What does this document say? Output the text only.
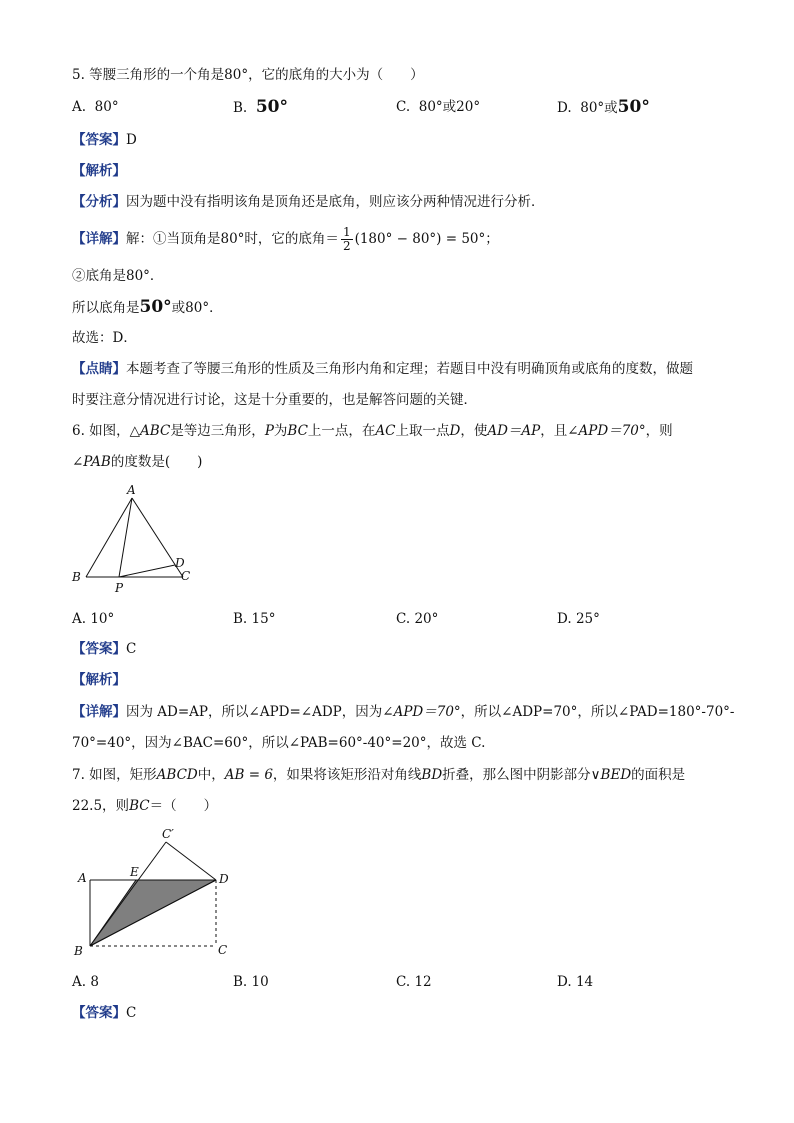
5. 等腰三角形的一个角是80°，它的底角的大小为（　　）
A. 80°	B. 50°	C. 80°或20°	D. 80°或50°
【答案】D
【解析】
【分析】因为题中没有指明该角是顶角还是底角，则应该分两种情况进行分析．
【详解】解：①当顶角是80°时，它的底角＝ $\frac{1}{2} (180^\circ - 80^\circ) = 50^\circ$；
②底角是80°．
所以底角是50°或80°．
故选：D．
【点睛】本题考查了等腰三角形的性质及三角形内角和定理；若题目中没有明确顶角或底角的度数，做题
时要注意分情况进行讨论，这是十分重要的，也是解答问题的关键．
6. 如图，△ABC是等边三角形，P为BC上一点，在AC上取一点D，使AD＝AP，且∠APD＝70°，则
∠PAB的度数是(　　)
A
B	C
D
P
A. 10°	B. 15°	C. 20°	D. 25°
【答案】C
【解析】
【详解】因为 AD=AP，所以∠APD=∠ADP，因为∠APD＝70°，所以∠ADP=70°，所以∠PAD=180°-70°-
70°=40°，因为∠BAC=60°，所以∠PAB=60°-40°=20°，故选 C.
7. 如图，矩形ABCD中，AB = 6，如果将该矩形沿对角线BD折叠，那么图中阴影部分∨BED的面积是
22.5，则BC＝（　　）
A
B	C
D
E
C′
A. 8	B. 10	C. 12	D. 14
【答案】C
